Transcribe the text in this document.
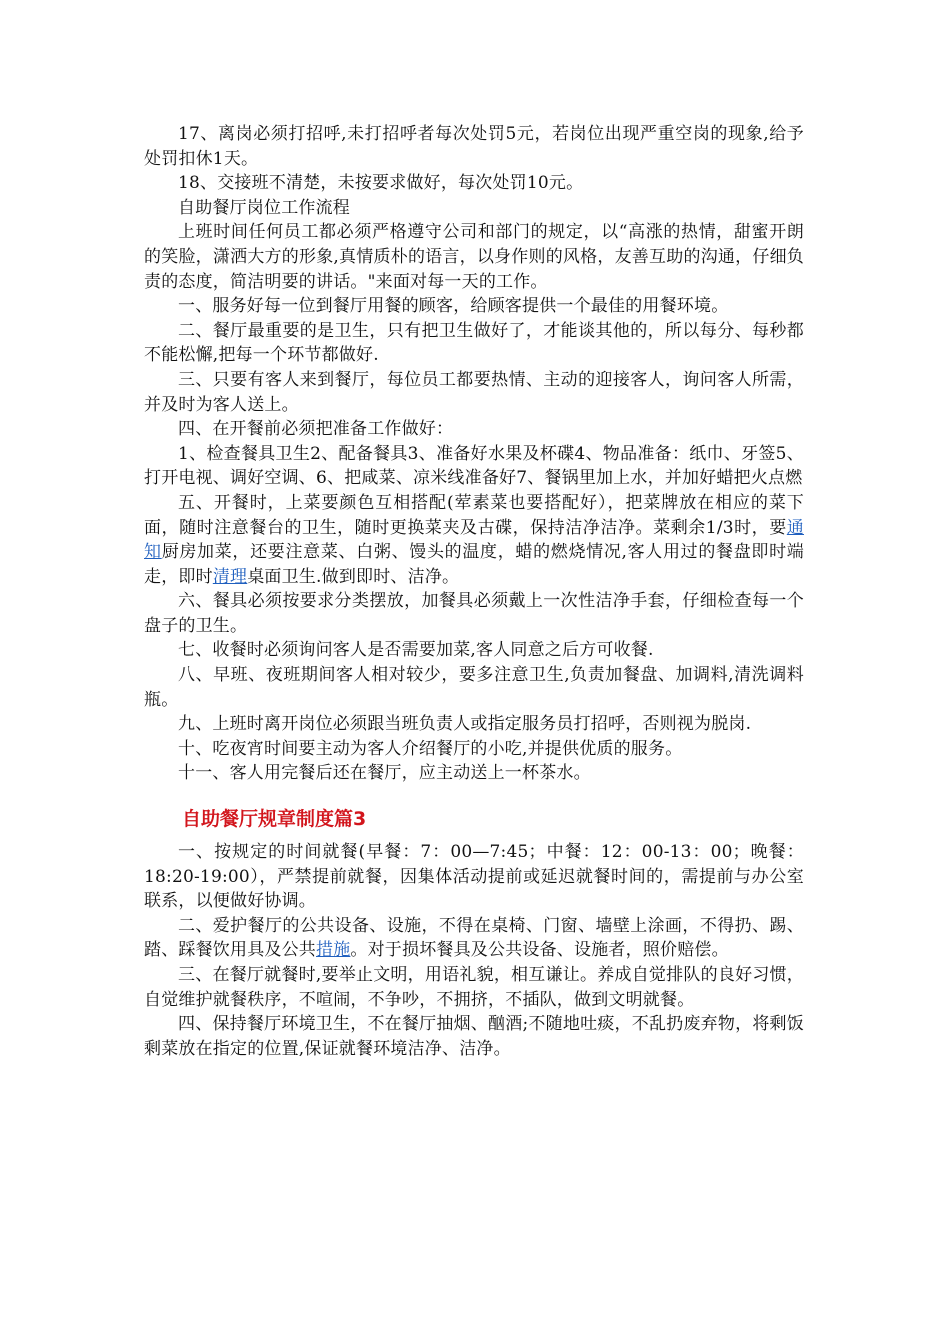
17、离岗必须打招呼,未打招呼者每次处罚5元，若岗位出现严重空岗的现象,给予处罚扣休1天。

18、交接班不清楚，未按要求做好，每次处罚10元。

自助餐厅岗位工作流程

上班时间任何员工都必须严格遵守公司和部门的规定，以“高涨的热情，甜蜜开朗的笑脸，潇洒大方的形象,真情质朴的语言，以身作则的风格，友善互助的沟通，仔细负责的态度，简洁明要的讲话。"来面对每一天的工作。

一、服务好每一位到餐厅用餐的顾客，给顾客提供一个最佳的用餐环境。

二、餐厅最重要的是卫生，只有把卫生做好了，才能谈其他的，所以每分、每秒都不能松懈,把每一个环节都做好.

三、只要有客人来到餐厅，每位员工都要热情、主动的迎接客人，询问客人所需，并及时为客人送上。

四、在开餐前必须把准备工作做好：

1、检查餐具卫生2、配备餐具3、准备好水果及杯碟4、物品准备：纸巾、牙签5、打开电视、调好空调、6、把咸菜、凉米线准备好7、餐锅里加上水，并加好蜡把火点燃

五、开餐时，上菜要颜色互相搭配(荤素菜也要搭配好），把菜牌放在相应的菜下面，随时注意餐台的卫生，随时更换菜夹及古碟，保持洁净洁净。菜剩余1/3时，要通知厨房加菜，还要注意菜、白粥、馒头的温度，蜡的燃烧情况,客人用过的餐盘即时端走，即时清理桌面卫生.做到即时、洁净。

六、餐具必须按要求分类摆放，加餐具必须戴上一次性洁净手套，仔细检查每一个盘子的卫生。

七、收餐时必须询问客人是否需要加菜,客人同意之后方可收餐.

八、早班、夜班期间客人相对较少，要多注意卫生,负责加餐盘、加调料,清洗调料瓶。

九、上班时离开岗位必须跟当班负责人或指定服务员打招呼，否则视为脱岗.

十、吃夜宵时间要主动为客人介绍餐厅的小吃,并提供优质的服务。

十一、客人用完餐后还在餐厅，应主动送上一杯茶水。

自助餐厅规章制度篇3

一、按规定的时间就餐(早餐：7：00—7:45；中餐：12：00-13：00；晚餐：18:20-19:00），严禁提前就餐，因集体活动提前或延迟就餐时间的，需提前与办公室联系，以便做好协调。

二、爱护餐厅的公共设备、设施，不得在桌椅、门窗、墙壁上涂画，不得扔、踢、踏、踩餐饮用具及公共措施。对于损坏餐具及公共设备、设施者，照价赔偿。

三、在餐厅就餐时,要举止文明，用语礼貌，相互谦让。养成自觉排队的良好习惯，自觉维护就餐秩序，不喧闹，不争吵，不拥挤，不插队，做到文明就餐。

四、保持餐厅环境卫生，不在餐厅抽烟、酗酒;不随地吐痰，不乱扔废弃物，将剩饭剩菜放在指定的位置,保证就餐环境洁净、洁净。
